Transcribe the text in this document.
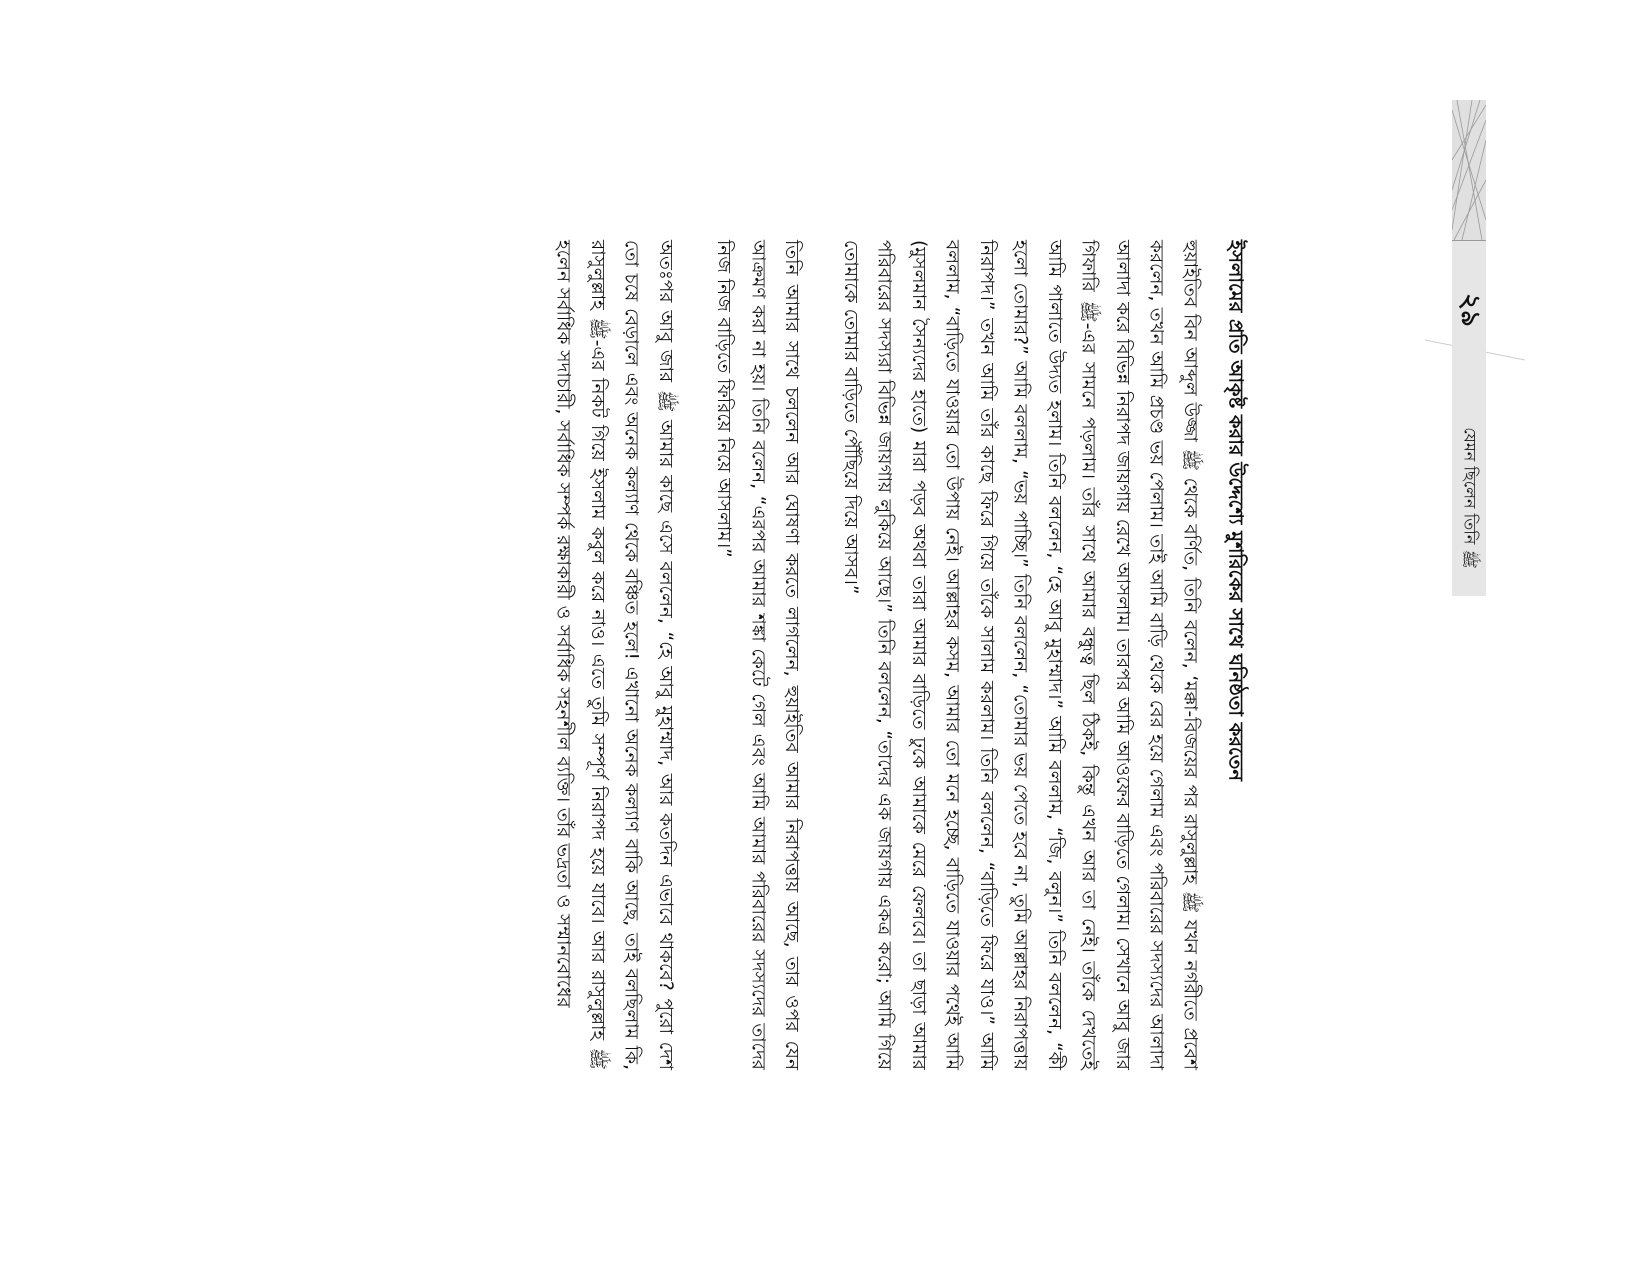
ইসলামের প্রতি আকৃষ্ট করার উদ্দেশ্যে মুশরিকের সাথে ঘনিষ্ঠতা করতেন

হুয়াইতিব বিন আব্দুল উজ্জা ﷺ থেকে বর্ণিত, তিনি বলেন, ‘মক্কা-বিজয়ের পর রাসুলুল্লাহ ﷺ যখন নগরীতে প্রবেশ করলেন, তখন আমি প্রচণ্ড ভয় পেলাম। তাই আমি বাড়ি থেকে বের হয়ে গেলাম এবং পরিবারের সদস্যদের আলাদা আলাদা করে বিভিন্ন নিরাপদ জায়গায় রেখে আসলাম। তারপর আমি আওফের বাড়িতে গেলাম। সেখানে আবু জার গিফারি ﷺ-এর সামনে পড়লাম। তাঁর সাথে আমার বন্ধুত্ব ছিল ঠিকই, কিন্তু এখন আর তা নেই। তাঁকে দেখতেই আমি পালাতে উদ্যত হলাম। তিনি বললেন, “হে আবু মুহাম্মাদ।” আমি বললাম, “জি, বলুন।” তিনি বললেন, “কী হলো তোমার?” আমি বললাম, “ভয় পাচ্ছি।” তিনি বললেন, “তোমার ভয় পেতে হবে না, তুমি আল্লাহর নিরাপত্তায় নিরাপদ।” তখন আমি তাঁর কাছে ফিরে গিয়ে তাঁকে সালাম করলাম। তিনি বললেন, “বাড়িতে ফিরে যাও।” আমি বললাম, “বাড়িতে যাওয়ার তো উপায় নেই। আল্লাহর কসম, আমার তো মনে হচ্ছে, বাড়িতে যাওয়ার পথেই আমি (মুসলমান সৈন্যদের হাতে) মারা পড়ব অথবা তারা আমার বাড়িতে ঢুকে আমাকে মেরে ফেলবে। তা ছাড়া আমার পরিবারের সদস্যরা বিভিন্ন জায়গায় লুকিয়ে আছে।” তিনি বললেন, “তাদের এক জায়গায় একত্র করো; আমি গিয়ে তোমাকে তোমার বাড়িতে পৌঁছিয়ে দিয়ে আসব।”

তিনি আমার সাথে চললেন আর ঘোষণা করতে লাগলেন, হুয়াইতিব আমার নিরাপত্তায় আছে, তার ওপর যেন আক্রমণ করা না হয়। তিনি বলেন, “এরপর আমার শঙ্কা কেটে গেল এবং আমি আমার পরিবারের সদস্যদের তাদের নিজ নিজ বাড়িতে ফিরিয়ে নিয়ে আসলাম।”

অতঃপর আবু জার ﷺ আমার কাছে এসে বললেন, “হে আবু মুহাম্মাদ, আর কতদিন এভাবে থাকবে? পুরো দেশ তো চষে বেড়ালে এবং অনেক কল্যাণ থেকে বঞ্চিত হলে! এখানো অনেক কল্যাণ বাকি আছে, তাই বলছিলাম কি, রাসুলুল্লাহ ﷺ-এর নিকট গিয়ে ইসলাম কবুল করে নাও। এতে তুমি সম্পূর্ণ নিরাপদ হয়ে যাবে। আর রাসুলুল্লাহ ﷺ হলেন সর্বাধিক সদাচারী, সর্বাধিক সম্পর্ক রক্ষাকারী ও সর্বাধিক সহনশীল ব্যক্তি। তাঁর ভদ্রতা ও সম্মানবোধের	২৯
যেমন ছিলেন তিনি ﷺ
